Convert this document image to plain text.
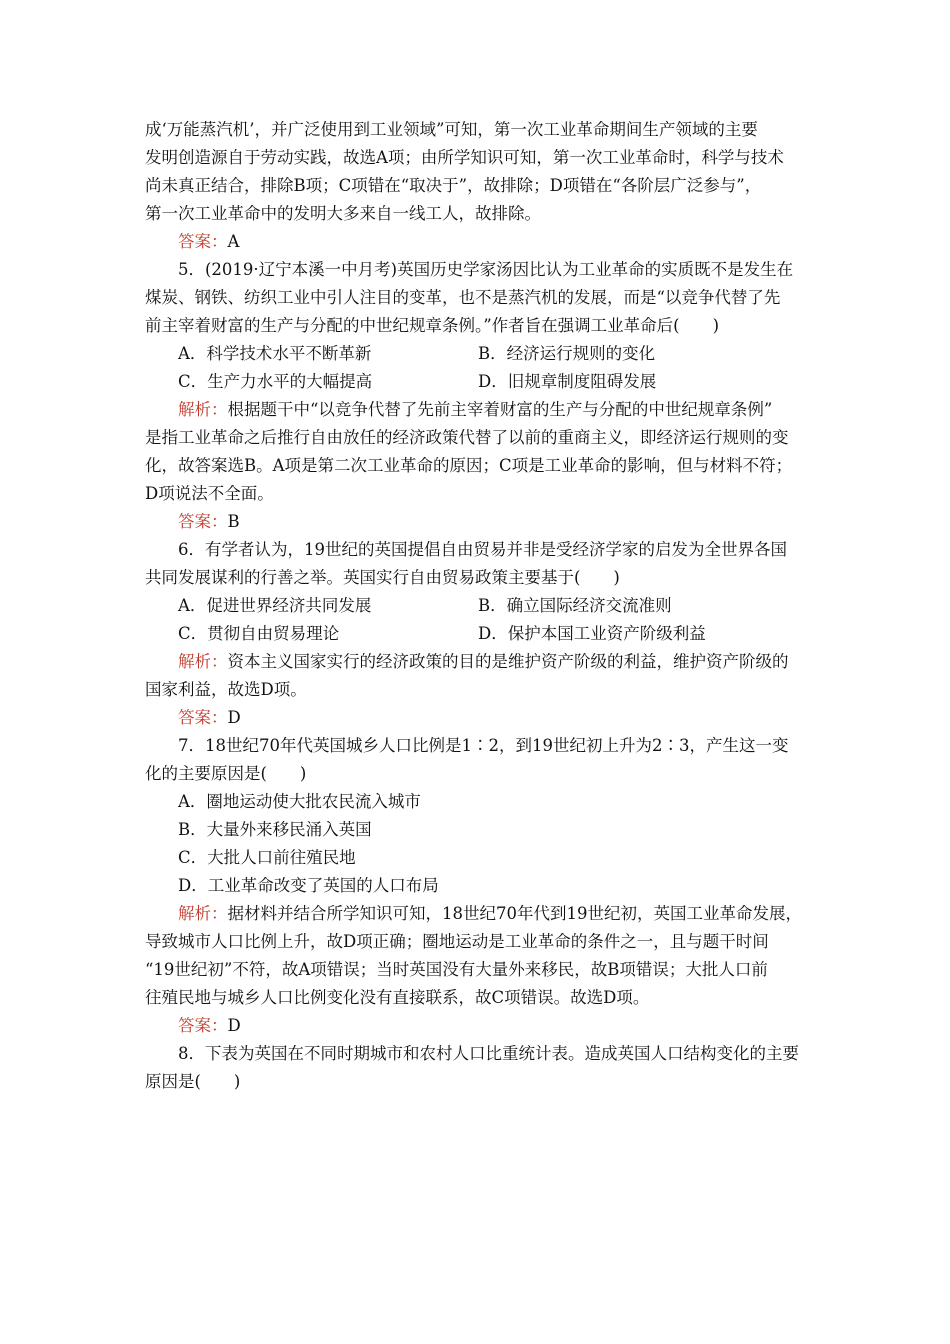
成‘万能蒸汽机’，并广泛使用到工业领域”可知，第一次工业革命期间生产领域的主要
发明创造源自于劳动实践，故选A项；由所学知识可知，第一次工业革命时，科学与技术
尚未真正结合，排除B项；C项错在“取决于”，故排除；D项错在“各阶层广泛参与”，
第一次工业革命中的发明大多来自一线工人，故排除。
答案：A
5．(2019·辽宁本溪一中月考)英国历史学家汤因比认为工业革命的实质既不是发生在
煤炭、钢铁、纺织工业中引人注目的变革，也不是蒸汽机的发展，而是“以竞争代替了先
前主宰着财富的生产与分配的中世纪规章条例。”作者旨在强调工业革命后(　　)
A．科学技术水平不断革新	B．经济运行规则的变化
C．生产力水平的大幅提高	D．旧规章制度阻碍发展
解析：根据题干中“以竞争代替了先前主宰着财富的生产与分配的中世纪规章条例”
是指工业革命之后推行自由放任的经济政策代替了以前的重商主义，即经济运行规则的变
化，故答案选B。A项是第二次工业革命的原因；C项是工业革命的影响，但与材料不符；
D项说法不全面。
答案：B
6．有学者认为，19世纪的英国提倡自由贸易并非是受经济学家的启发为全世界各国
共同发展谋利的行善之举。英国实行自由贸易政策主要基于(　　)
A．促进世界经济共同发展	B．确立国际经济交流准则
C．贯彻自由贸易理论	D．保护本国工业资产阶级利益
解析：资本主义国家实行的经济政策的目的是维护资产阶级的利益，维护资产阶级的
国家利益，故选D项。
答案：D
7．18世纪70年代英国城乡人口比例是1∶2，到19世纪初上升为2∶3，产生这一变
化的主要原因是(　　)
A．圈地运动使大批农民流入城市
B．大量外来移民涌入英国
C．大批人口前往殖民地
D．工业革命改变了英国的人口布局
解析：据材料并结合所学知识可知，18世纪70年代到19世纪初，英国工业革命发展，
导致城市人口比例上升，故D项正确；圈地运动是工业革命的条件之一，且与题干时间
“19世纪初”不符，故A项错误；当时英国没有大量外来移民，故B项错误；大批人口前
往殖民地与城乡人口比例变化没有直接联系，故C项错误。故选D项。
答案：D
8．下表为英国在不同时期城市和农村人口比重统计表。造成英国人口结构变化的主要
原因是(　　)
